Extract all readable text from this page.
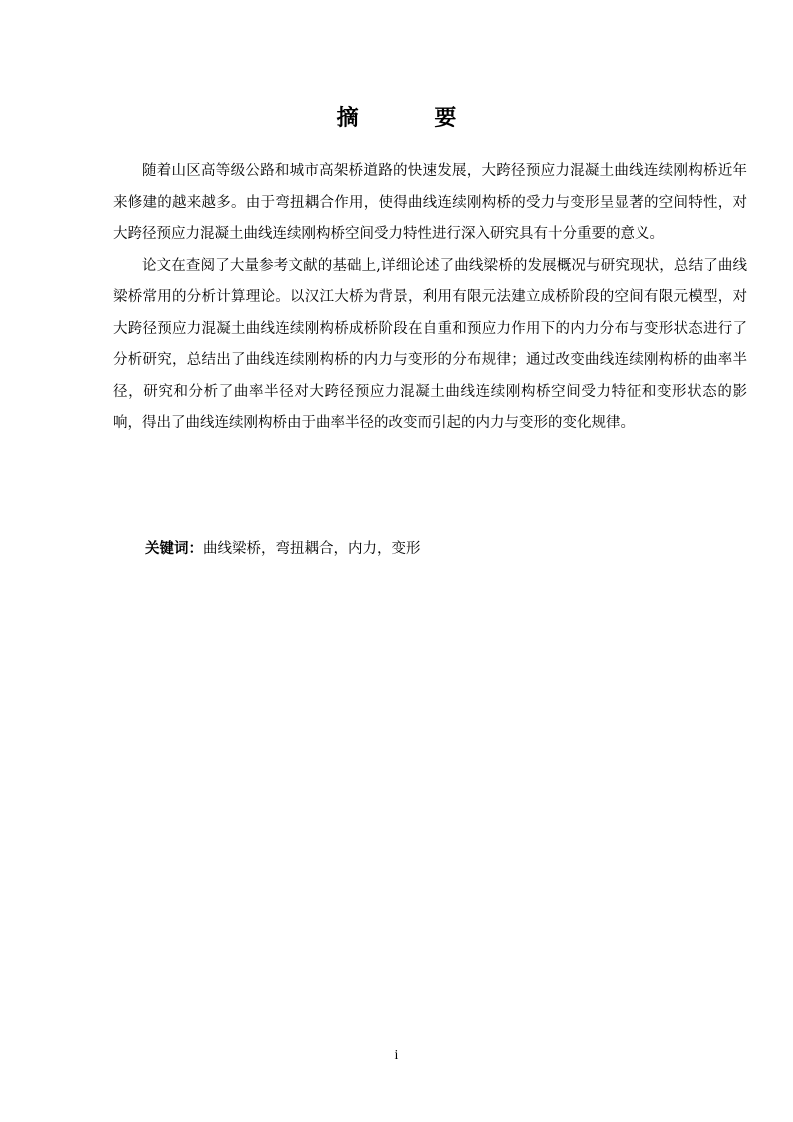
摘 要

随着山区高等级公路和城市高架桥道路的快速发展，大跨径预应力混凝土曲线连续刚构桥近年来修建的越来越多。由于弯扭耦合作用，使得曲线连续刚构桥的受力与变形呈显著的空间特性，对大跨径预应力混凝土曲线连续刚构桥空间受力特性进行深入研究具有十分重要的意义。

论文在查阅了大量参考文献的基础上,详细论述了曲线梁桥的发展概况与研究现状，总结了曲线梁桥常用的分析计算理论。以汉江大桥为背景，利用有限元法建立成桥阶段的空间有限元模型，对大跨径预应力混凝土曲线连续刚构桥成桥阶段在自重和预应力作用下的内力分布与变形状态进行了分析研究，总结出了曲线连续刚构桥的内力与变形的分布规律；通过改变曲线连续刚构桥的曲率半径，研究和分析了曲率半径对大跨径预应力混凝土曲线连续刚构桥空间受力特征和变形状态的影响，得出了曲线连续刚构桥由于曲率半径的改变而引起的内力与变形的变化规律。

关键词：曲线梁桥，弯扭耦合，内力，变形
i
